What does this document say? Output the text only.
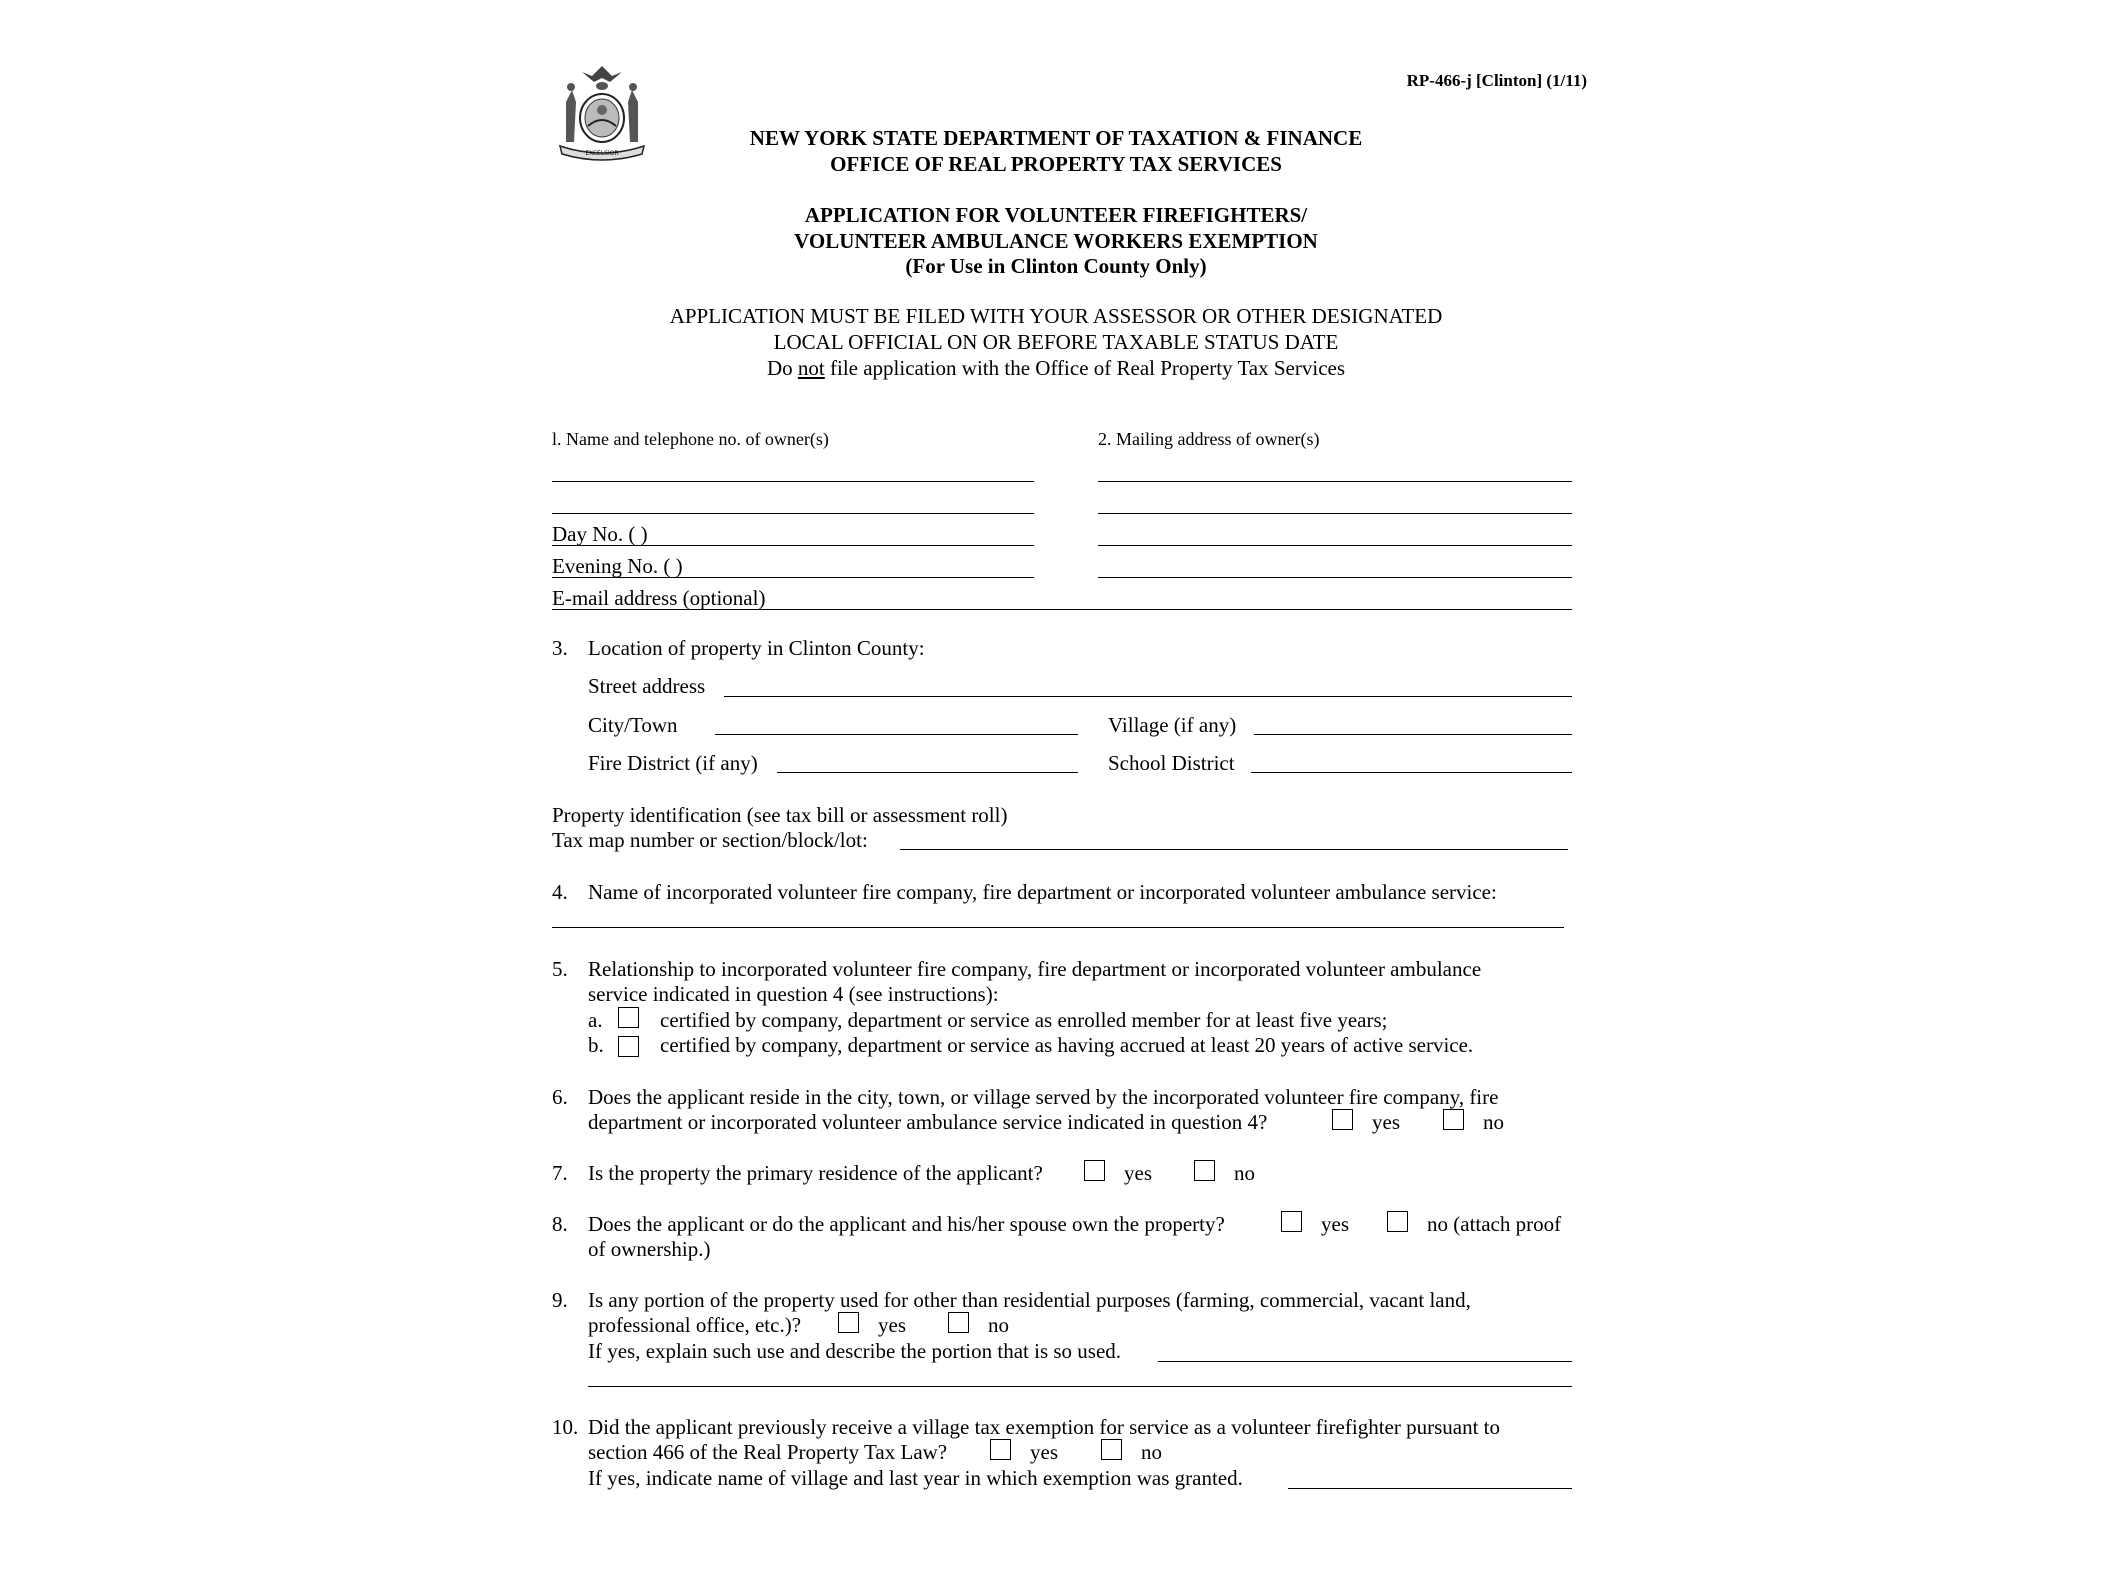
EXCELSIOR
RP-466-j [Clinton] (1/11)
NEW YORK STATE DEPARTMENT OF TAXATION & FINANCE
OFFICE OF REAL PROPERTY TAX SERVICES
APPLICATION FOR VOLUNTEER FIREFIGHTERS/
VOLUNTEER AMBULANCE WORKERS EXEMPTION
(For Use in Clinton County Only)
APPLICATION MUST BE FILED WITH YOUR ASSESSOR OR OTHER DESIGNATED
LOCAL OFFICIAL ON OR BEFORE TAXABLE STATUS DATE
Do not file application with the Office of Real Property Tax Services
l. Name and telephone no. of owner(s)	2. Mailing address of owner(s)
Day No. ( )
Evening No. ( )
E-mail address (optional)
3. Location of property in Clinton County:
Street address
City/Town	Village (if any)
Fire District (if any)	School District
Property identification (see tax bill or assessment roll)
Tax map number or section/block/lot:
4. Name of incorporated volunteer fire company, fire department or incorporated volunteer ambulance service:
5. Relationship to incorporated volunteer fire company, fire department or incorporated volunteer ambulance
service indicated in question 4 (see instructions):
a.	certified by company, department or service as enrolled member for at least five years;
b.	certified by company, department or service as having accrued at least 20 years of active service.
6. Does the applicant reside in the city, town, or village served by the incorporated volunteer fire company, fire
department or incorporated volunteer ambulance service indicated in question 4?	yes	no
7. Is the property the primary residence of the applicant?	yes	no
8. Does the applicant or do the applicant and his/her spouse own the property?	yes	no (attach proof
of ownership.)
9. Is any portion of the property used for other than residential purposes (farming, commercial, vacant land,
professional office, etc.)?	yes	no
If yes, explain such use and describe the portion that is so used.
10. Did the applicant previously receive a village tax exemption for service as a volunteer firefighter pursuant to
section 466 of the Real Property Tax Law?	yes	no
If yes, indicate name of village and last year in which exemption was granted.
